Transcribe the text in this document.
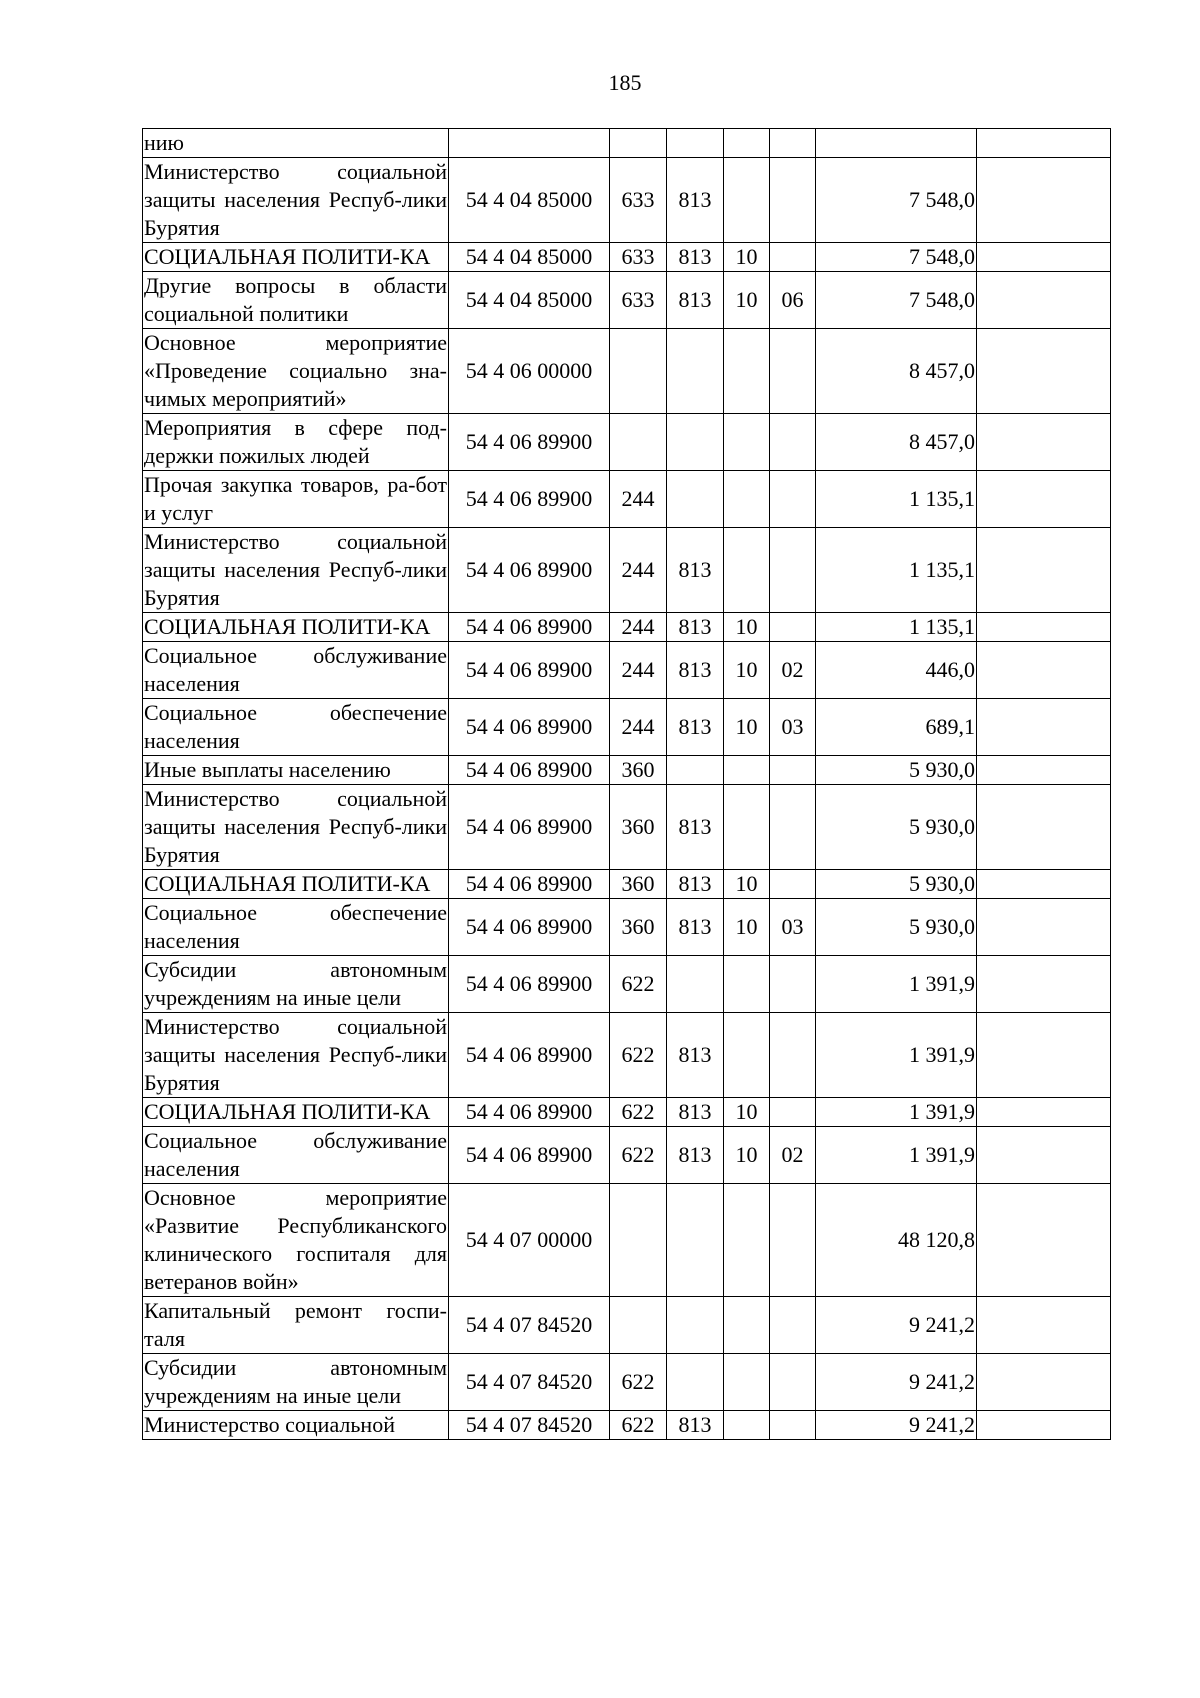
185
нию							
Министерство социальной защиты населения Респуб-лики Бурятия	54 4 04 85000	633	813			7 548,0	
СОЦИАЛЬНАЯ ПОЛИТИ-КА	54 4 04 85000	633	813	10		7 548,0	
Другие вопросы в области социальной политики	54 4 04 85000	633	813	10	06	7 548,0	
Основное мероприятие «Проведение социально зна-чимых мероприятий»	54 4 06 00000					8 457,0	
Мероприятия в сфере под-держки пожилых людей	54 4 06 89900					8 457,0	
Прочая закупка товаров, ра-бот и услуг	54 4 06 89900	244				1 135,1	
Министерство социальной защиты населения Респуб-лики Бурятия	54 4 06 89900	244	813			1 135,1	
СОЦИАЛЬНАЯ ПОЛИТИ-КА	54 4 06 89900	244	813	10		1 135,1	
Социальное обслуживание населения	54 4 06 89900	244	813	10	02	446,0	
Социальное обеспечение населения	54 4 06 89900	244	813	10	03	689,1	
Иные выплаты населению	54 4 06 89900	360				5 930,0	
Министерство социальной защиты населения Респуб-лики Бурятия	54 4 06 89900	360	813			5 930,0	
СОЦИАЛЬНАЯ ПОЛИТИ-КА	54 4 06 89900	360	813	10		5 930,0	
Социальное обеспечение населения	54 4 06 89900	360	813	10	03	5 930,0	
Субсидии автономным учреждениям на иные цели	54 4 06 89900	622				1 391,9	
Министерство социальной защиты населения Респуб-лики Бурятия	54 4 06 89900	622	813			1 391,9	
СОЦИАЛЬНАЯ ПОЛИТИ-КА	54 4 06 89900	622	813	10		1 391,9	
Социальное обслуживание населения	54 4 06 89900	622	813	10	02	1 391,9	
Основное мероприятие «Развитие Республиканского клинического госпиталя для ветеранов войн»	54 4 07 00000					48 120,8	
Капитальный ремонт госпи-таля	54 4 07 84520					9 241,2	
Субсидии автономным учреждениям на иные цели	54 4 07 84520	622				9 241,2	
Министерство социальной	54 4 07 84520	622	813			9 241,2	
